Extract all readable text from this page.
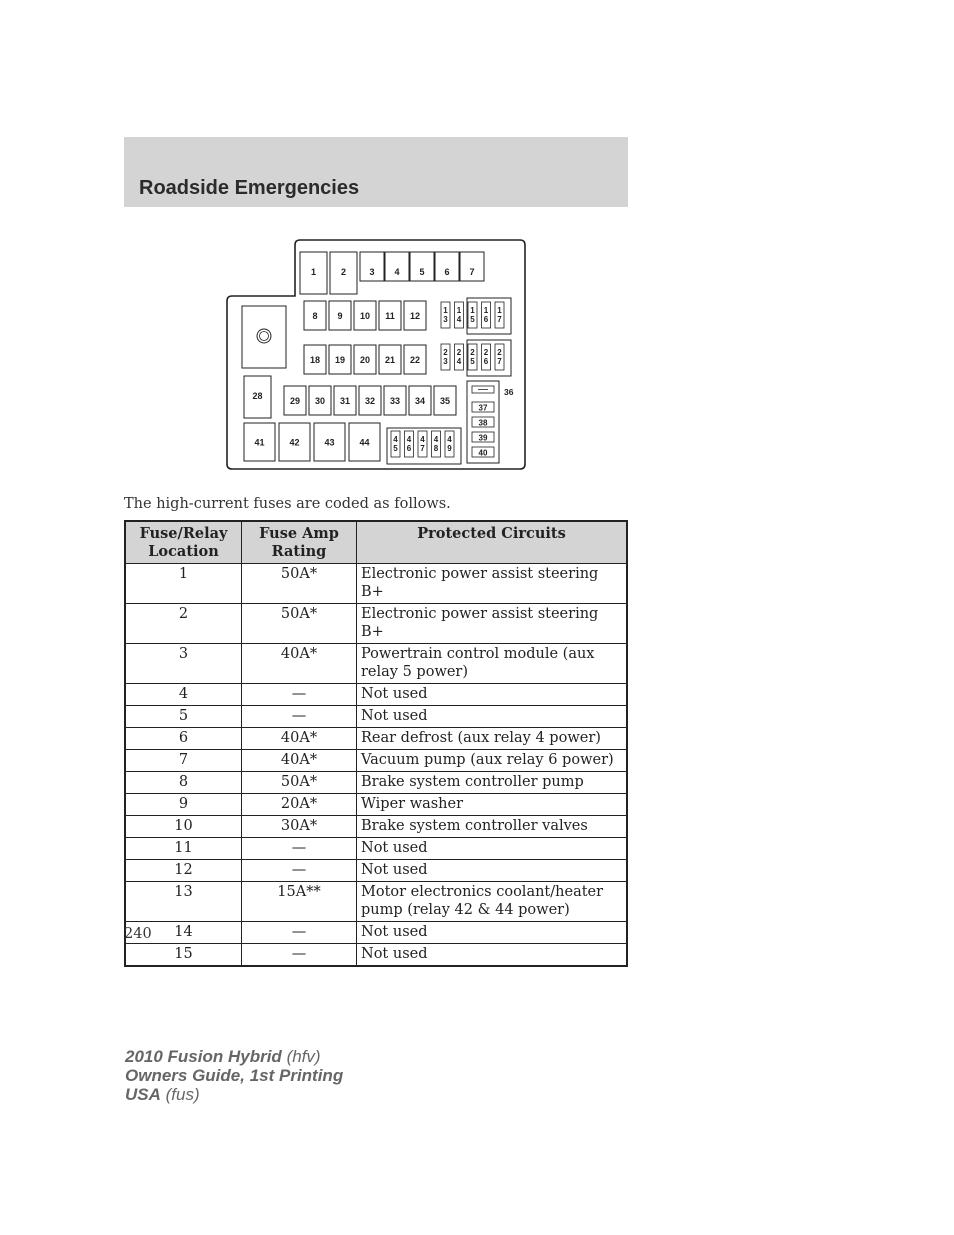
Roadside Emergencies
1	2	3 4 5 6 7
8 9 10 11 12
18 19 20 21 22
29 30 31 32 33 34 35
41	42	43	44
28
1 3
1 4
1 5
1 6
1 7
2 3
2 4
2 5
2 6
2 7
4 5
4 6
4 7
4 8
4 9
36
37
38
39
40
The high-current fuses are coded as follows.
Fuse/Relay Location	Fuse Amp Rating	Protected Circuits
1	50A*	Electronic power assist steering B+
2	50A*	Electronic power assist steering B+
3	40A*	Powertrain control module (aux relay 5 power)
4	—	Not used
5	—	Not used
6	40A*	Rear defrost (aux relay 4 power)
7	40A*	Vacuum pump (aux relay 6 power)
8	50A*	Brake system controller pump
9	20A*	Wiper washer
10	30A*	Brake system controller valves
11	—	Not used
12	—	Not used
13	15A**	Motor electronics coolant/heater pump (relay 42 & 44 power)
14	—	Not used
15	—	Not used
240
2010 Fusion Hybrid (hfv)
Owners Guide, 1st Printing
USA (fus)
